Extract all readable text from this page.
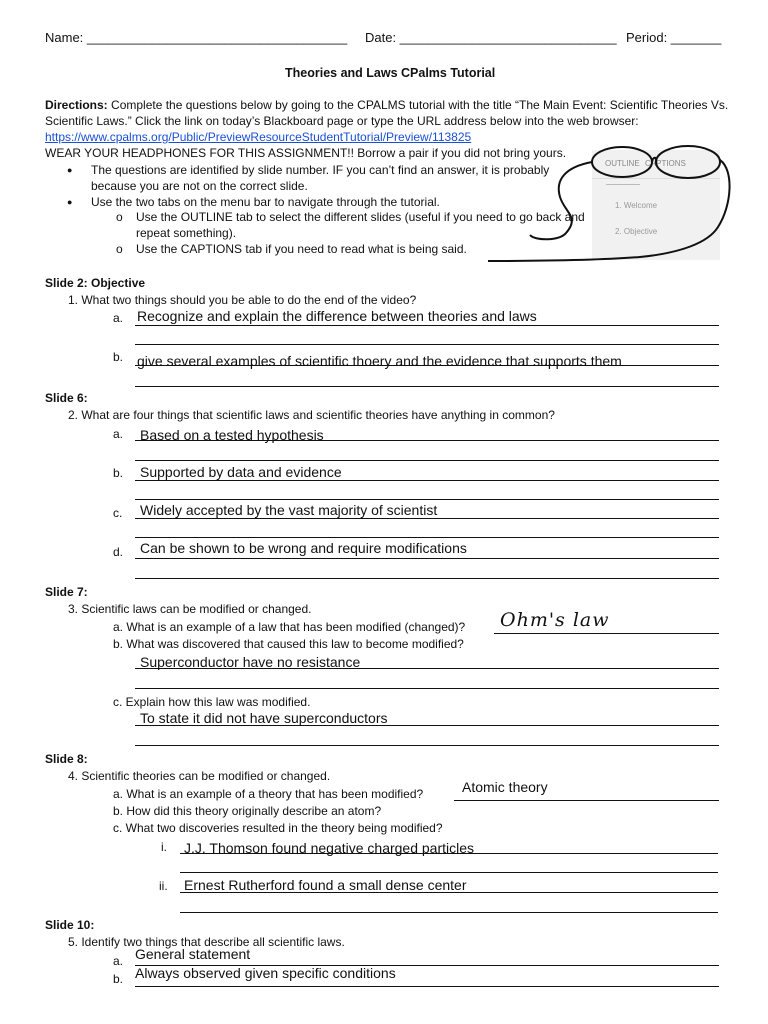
Name: ____________________________________ Date: ______________________________ Period: _______
Theories and Laws CPalms Tutorial
Directions: Complete the questions below by going to the CPALMS tutorial with the title “The Main Event: Scientific Theories Vs.
Scientific Laws.” Click the link on today’s Blackboard page or type the URL address below into the web browser:
https://www.cpalms.org/Public/PreviewResourceStudentTutorial/Preview/113825
WEAR YOUR HEADPHONES FOR THIS ASSIGNMENT!! Borrow a pair if you did not bring yours.
● The questions are identified by slide number. IF you can’t find an answer, it is probably
because you are not on the correct slide.
● Use the two tabs on the menu bar to navigate through the tutorial.
o Use the OUTLINE tab to select the different slides (useful if you need to go back and
repeat something).
o Use the CAPTIONS tab if you need to read what is being said.
OUTLINE CAPTIONS
1. Welcome
2. Objective
Slide 2: Objective
1. What two things should you be able to do the end of the video?
a. Recognize and explain the difference between theories and laws
b. give several examples of scientific thoery and the evidence that supports them
Slide 6:
2. What are four things that scientific laws and scientific theories have anything in common?
a. Based on a tested hypothesis
b. Supported by data and evidence
c. Widely accepted by the vast majority of scientist
d. Can be shown to be wrong and require modifications
Slide 7:
3. Scientific laws can be modified or changed.
a. What is an example of a law that has been modified (changed)? Ohm's law
b. What was discovered that caused this law to become modified?
Superconductor have no resistance
c. Explain how this law was modified.
To state it did not have superconductors
Slide 8:
4. Scientific theories can be modified or changed.
a. What is an example of a theory that has been modified?	Atomic theory
b. How did this theory originally describe an atom?
c. What two discoveries resulted in the theory being modified?
i. J.J. Thomson found negative charged particles
ii. Ernest Rutherford found a small dense center
Slide 10:
5. Identify two things that describe all scientific laws.
a. General statement
b. Always observed given specific conditions
